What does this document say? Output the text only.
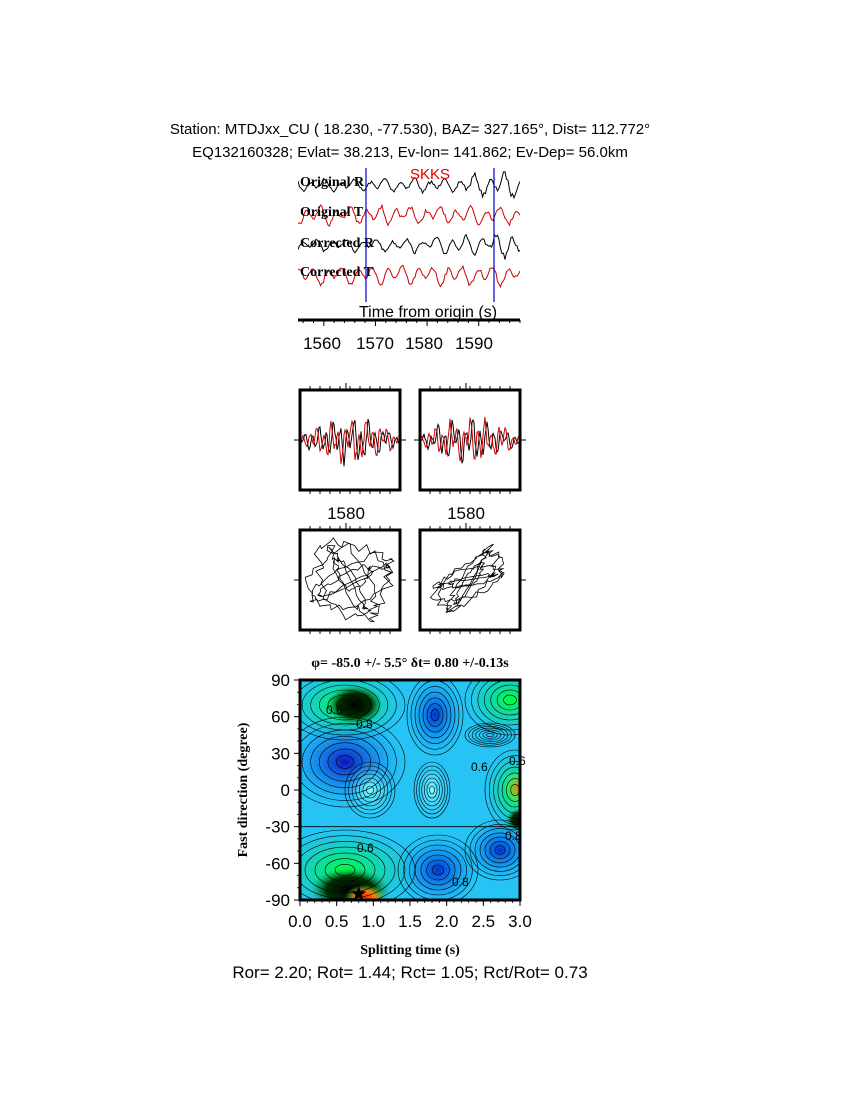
Station: MTDJxx_CU ( 18.230, -77.530), BAZ= 327.165°, Dist= 112.772°
EQ132160328; Evlat= 38.213, Ev-lon= 141.862; Ev-Dep= 56.0km
Original R
Original T
Corrected R
Corrected T
SKKS
Time from origin (s)
1560 1570 1580 1590
1580	1580
φ= -85.0 +/- 5.5° δt= 0.80 +/-0.13s
0.6
0.8
0.6
0.6 0.6
0.8
0.8
Fast direction (degree)
Splitting time (s)
0.0 0.5 1.0 1.5 2.0 2.5 3.0
-90
-60
-30
0
30
60
90
Ror= 2.20; Rot= 1.44; Rct= 1.05; Rct/Rot= 0.73
